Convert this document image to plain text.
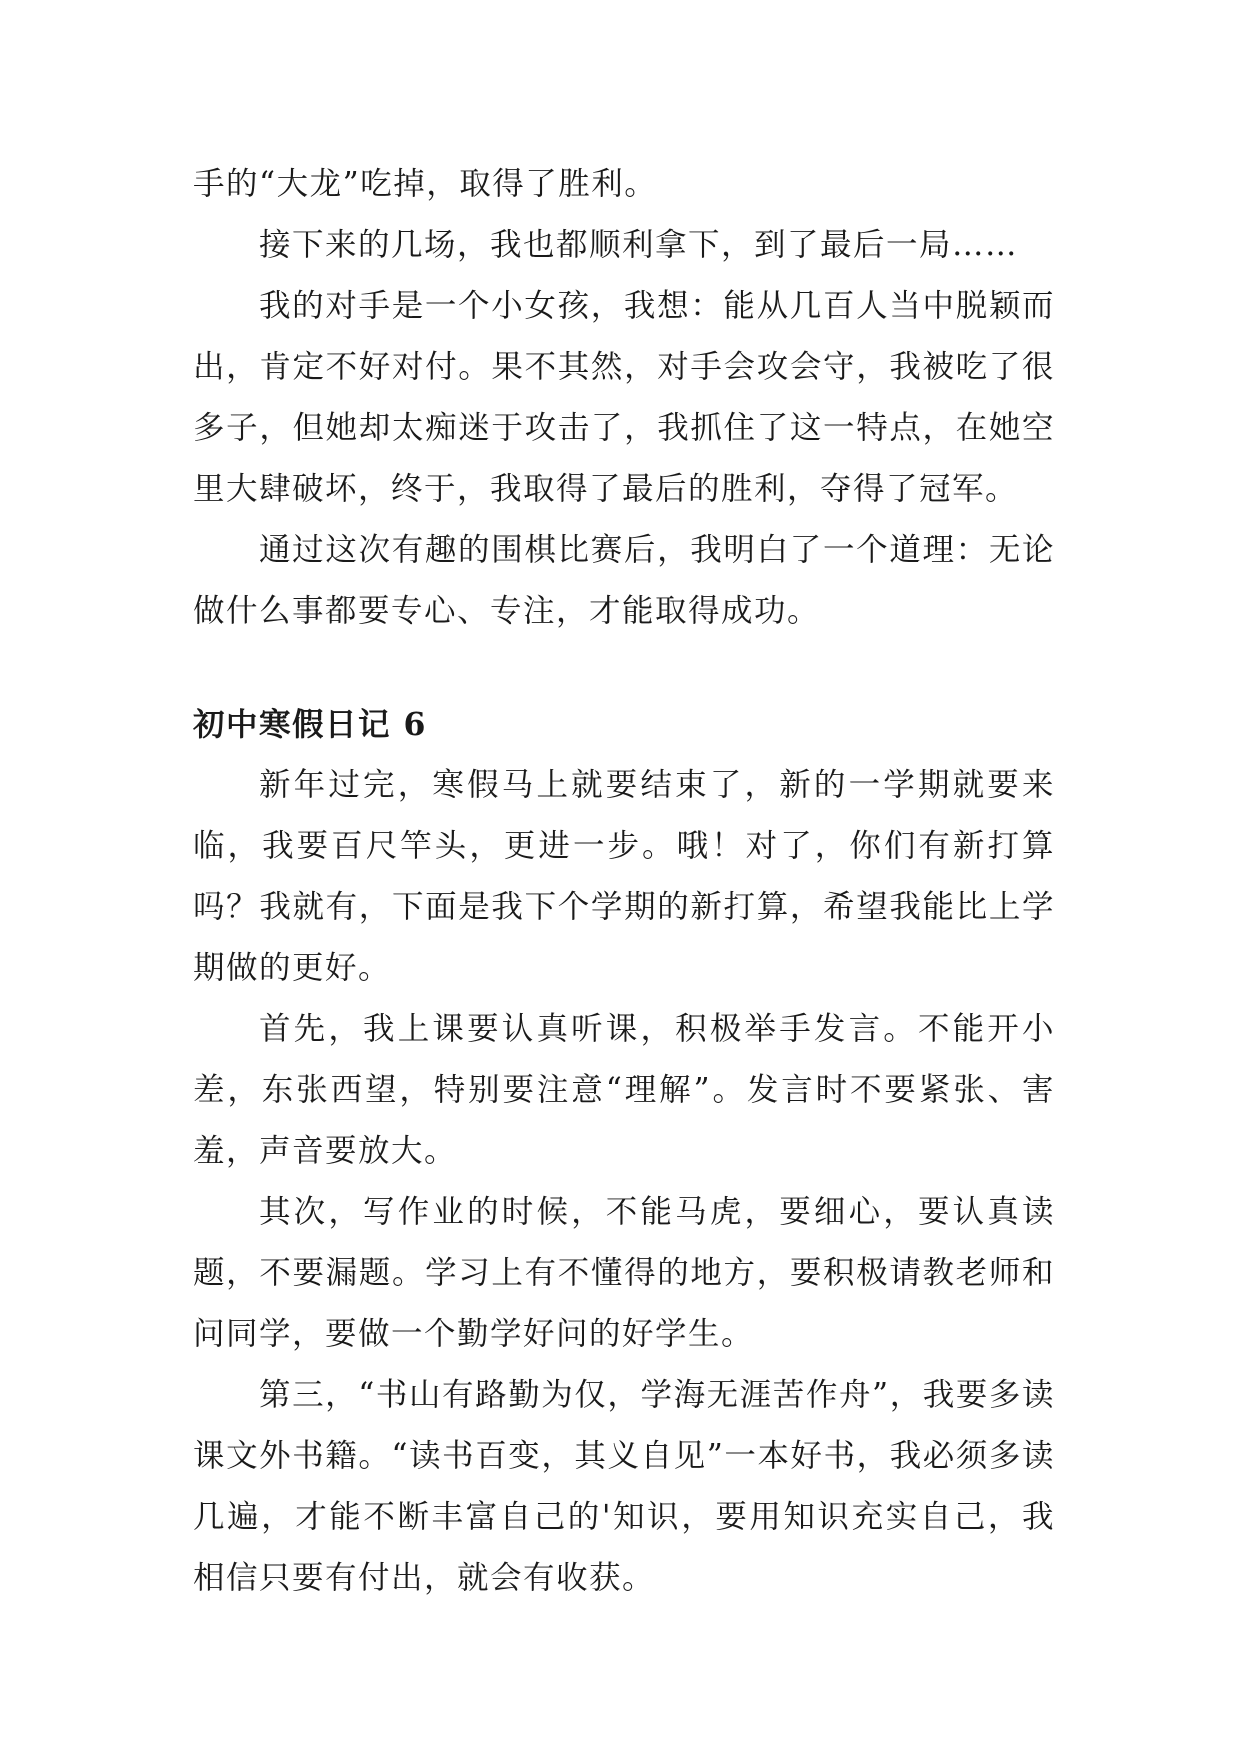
手的“大龙”吃掉，取得了胜利。

接下来的几场，我也都顺利拿下，到了最后一局……

我的对手是一个小女孩，我想：能从几百人当中脱颖而出，肯定不好对付。果不其然，对手会攻会守，我被吃了很多子，但她却太痴迷于攻击了，我抓住了这一特点，在她空里大肆破坏，终于，我取得了最后的胜利，夺得了冠军。

通过这次有趣的围棋比赛后，我明白了一个道理：无论做什么事都要专心、专注，才能取得成功。

初中寒假日记 6

新年过完，寒假马上就要结束了，新的一学期就要来临，我要百尺竿头，更进一步。哦！对了，你们有新打算吗？我就有，下面是我下个学期的新打算，希望我能比上学期做的更好。

首先，我上课要认真听课，积极举手发言。不能开小差，东张西望，特别要注意“理解”。发言时不要紧张、害羞，声音要放大。

其次，写作业的时候，不能马虎，要细心，要认真读题，不要漏题。学习上有不懂得的地方，要积极请教老师和问同学，要做一个勤学好问的好学生。

第三，“书山有路勤为仅，学海无涯苦作舟”，我要多读课文外书籍。“读书百变，其义自见”一本好书，我必须多读几遍，才能不断丰富自己的'知识，要用知识充实自己，我相信只要有付出，就会有收获。
